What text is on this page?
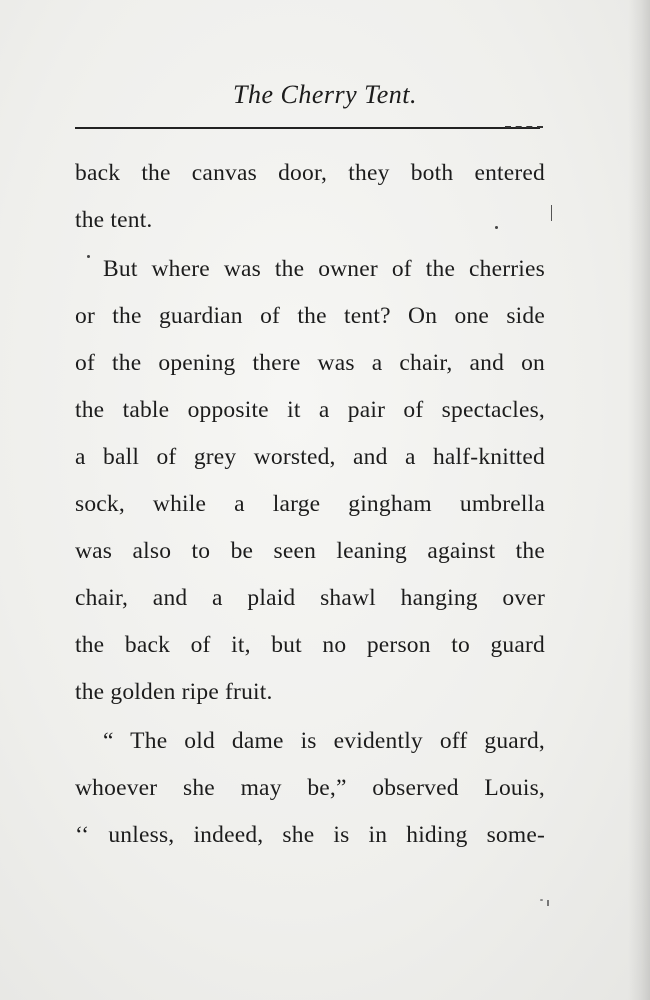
The Cherry Tent.
back the canvas door, they both entered
the tent.
But where was the owner of the cherries
or the guardian of the tent? On one side
of the opening there was a chair, and on
the table opposite it a pair of spectacles,
a ball of grey worsted, and a half-knitted
sock, while a large gingham umbrella
was also to be seen leaning against the
chair, and a plaid shawl hanging over
the back of it, but no person to guard
the golden ripe fruit.
“ The old dame is evidently off guard,
whoever she may be,” observed Louis,
‘‘ unless, indeed, she is in hiding some-
